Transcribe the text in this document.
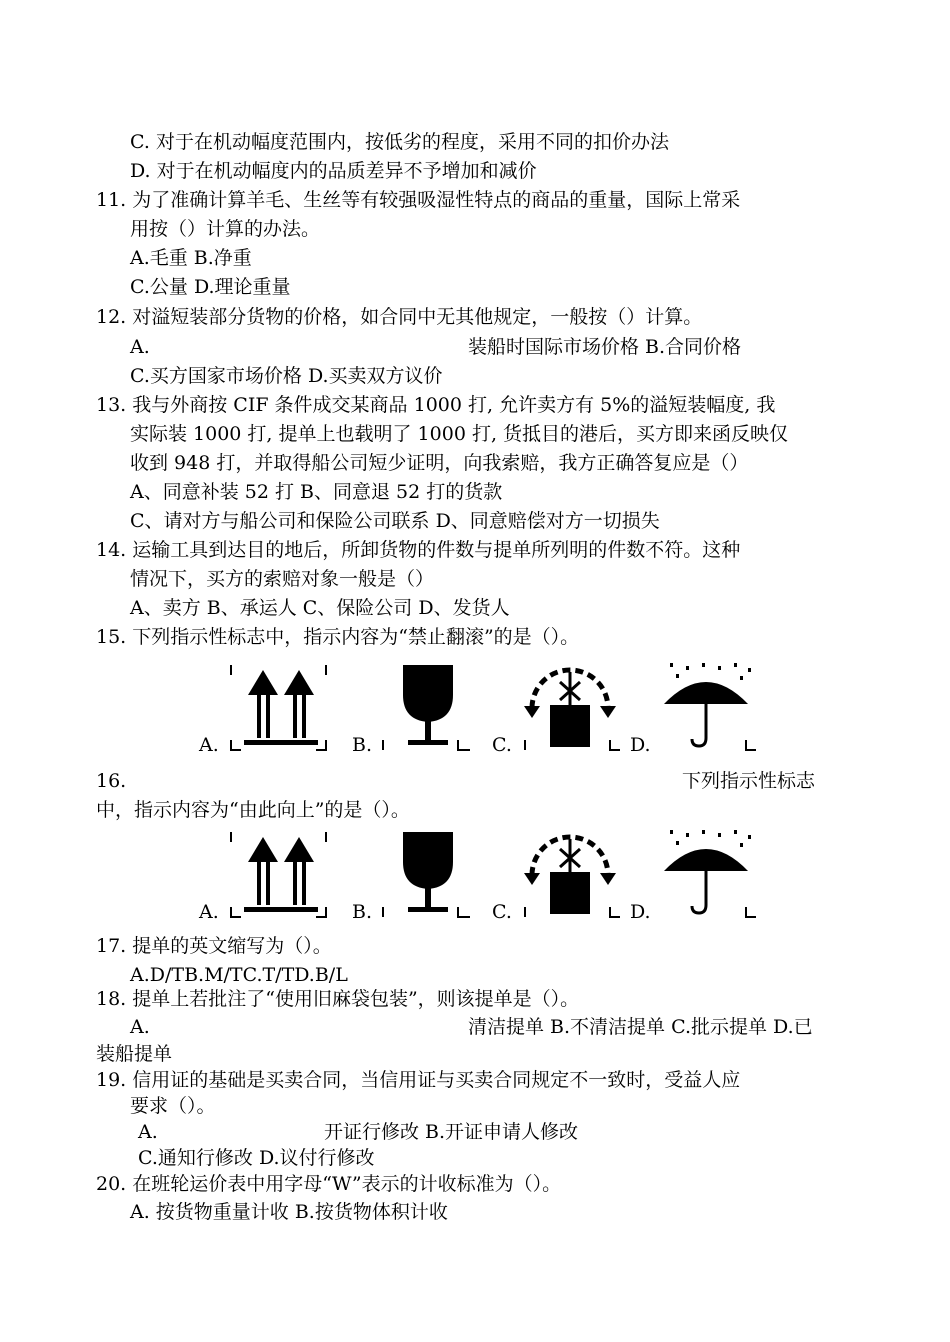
C. 对于在机动幅度范围内，按低劣的程度，采用不同的扣价办法
D. 对于在机动幅度内的品质差异不予增加和减价
11. 为了准确计算羊毛、生丝等有较强吸湿性特点的商品的重量，国际上常采
用按（）计算的办法。
A.毛重 B.净重
C.公量 D.理论重量
12. 对溢短装部分货物的价格，如合同中无其他规定，一般按（）计算。
A.	装船时国际市场价格 B.合同价格
C.买方国家市场价格 D.买卖双方议价
13. 我与外商按 CIF 条件成交某商品 1000 打, 允许卖方有 5%的溢短装幅度, 我
实际装 1000 打, 提单上也载明了 1000 打, 货抵目的港后，买方即来函反映仅
收到 948 打，并取得船公司短少证明，向我索赔，我方正确答复应是（）
A、同意补装 52 打 B、同意退 52 打的货款
C、请对方与船公司和保险公司联系 D、同意赔偿对方一切损失
14. 运输工具到达目的地后，所卸货物的件数与提单所列明的件数不符。这种
情况下，买方的索赔对象一般是（）
A、卖方 B、承运人 C、保险公司 D、发货人
15. 下列指示性标志中，指示内容为“禁止翻滚”的是（）。
A.	B.	C.	D.
16.	下列指示性标志
中，指示内容为“由此向上”的是（）。
A.	B.	C.	D.
17. 提单的英文缩写为（）。
A.D/TB.M/TC.T/TD.B/L
18. 提单上若批注了“使用旧麻袋包装”，则该提单是（）。
A.	清洁提单 B.不清洁提单 C.批示提单 D.已
装船提单
19. 信用证的基础是买卖合同，当信用证与买卖合同规定不一致时，受益人应
要求（）。
A.	开证行修改 B.开证申请人修改
C.通知行修改 D.议付行修改
20. 在班轮运价表中用字母“W”表示的计收标准为（）。
A. 按货物重量计收 B.按货物体积计收
